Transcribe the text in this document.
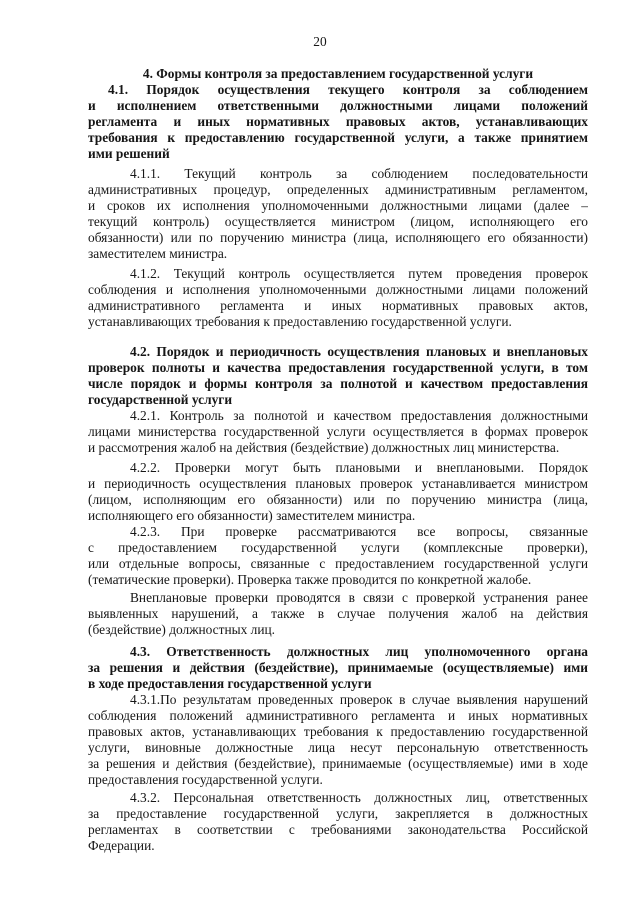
20
4. Формы контроля за предоставлением государственной услуги
4.1. Порядок осуществления текущего контроля за соблюдением
и исполнением ответственными должностными лицами положений
регламента и иных нормативных правовых актов, устанавливающих
требования к предоставлению государственной услуги, а также принятием
ими решений
4.1.1. Текущий контроль за соблюдением последовательности
административных процедур, определенных административным регламентом,
и сроков их исполнения уполномоченными должностными лицами (далее –
текущий контроль) осуществляется министром (лицом, исполняющего его
обязанности) или по поручению министра (лица, исполняющего его обязанности)
заместителем министра.
4.1.2. Текущий контроль осуществляется путем проведения проверок
соблюдения и исполнения уполномоченными должностными лицами положений
административного регламента и иных нормативных правовых актов,
устанавливающих требования к предоставлению государственной услуги.
4.2. Порядок и периодичность осуществления плановых и внеплановых
проверок полноты и качества предоставления государственной услуги, в том
числе порядок и формы контроля за полнотой и качеством предоставления
государственной услуги
4.2.1. Контроль за полнотой и качеством предоставления должностными
лицами министерства государственной услуги осуществляется в формах проверок
и рассмотрения жалоб на действия (бездействие) должностных лиц министерства.
4.2.2. Проверки могут быть плановыми и внеплановыми. Порядок
и периодичность осуществления плановых проверок устанавливается министром
(лицом, исполняющим его обязанности) или по поручению министра (лица,
исполняющего его обязанности) заместителем министра.
4.2.3. При проверке рассматриваются все вопросы, связанные
с предоставлением государственной услуги (комплексные проверки),
или отдельные вопросы, связанные с предоставлением государственной услуги
(тематические проверки). Проверка также проводится по конкретной жалобе.
Внеплановые проверки проводятся в связи с проверкой устранения ранее
выявленных нарушений, а также в случае получения жалоб на действия
(бездействие) должностных лиц.
4.3. Ответственность должностных лиц уполномоченного органа
за решения и действия (бездействие), принимаемые (осуществляемые) ими
в ходе предоставления государственной услуги
4.3.1.По результатам проведенных проверок в случае выявления нарушений
соблюдения положений административного регламента и иных нормативных
правовых актов, устанавливающих требования к предоставлению государственной
услуги, виновные должностные лица несут персональную ответственность
за решения и действия (бездействие), принимаемые (осуществляемые) ими в ходе
предоставления государственной услуги.
4.3.2. Персональная ответственность должностных лиц, ответственных
за предоставление государственной услуги, закрепляется в должностных
регламентах в соответствии с требованиями законодательства Российской
Федерации.
